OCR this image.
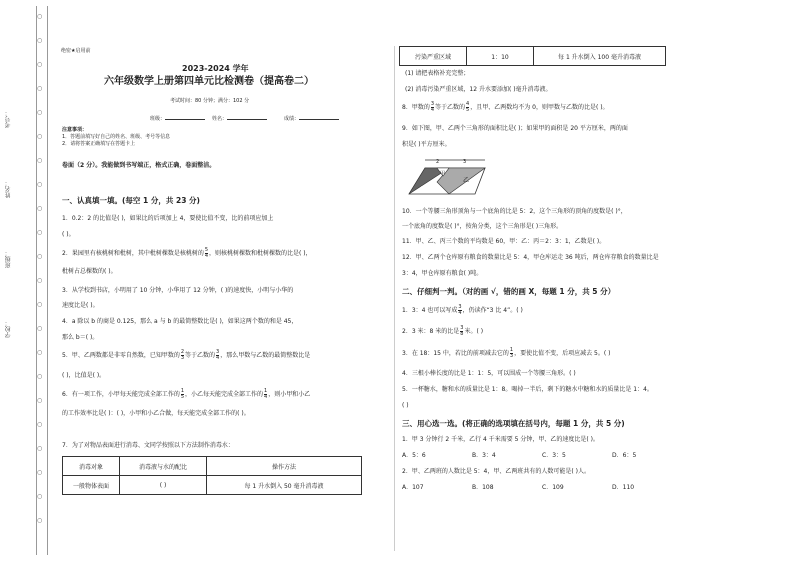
○
○
○
○
○
○
○
○
○
○
○
○
○
○
○
○
○
○
○
○
○
○
学校：
班级：
姓名：
考号：
绝密★启用前
2023-2024 学年
六年级数学上册第四单元比检测卷（提高卷二）
考试时间：80 分钟；满分：102 分
班级：	姓名：	成绩：
注意事项：
1．答题前填写好自己的姓名、班级、考号等信息
2．请将答案正确填写在答题卡上
卷面（2 分）。我能做到书写端正，格式正确，卷面整洁。
一、认真填一填。(每空 1 分，共 23 分)
1．0.2：2 的比值是( )，如果比的后项加上 4，要使比值不变，比的前项应加上
( )。
2．果园里有核桃树和枇树，其中枇树棵数是核桃树的 $\frac{5}{4}$ ，则核桃树棵数和枇树棵数的比是( )，
枇树占总棵数的( )。
3．从学校到书店，小明用了 10 分钟，小华用了 12 分钟，( )的速度快，小明与小华的
速度比是( )。
4．a 除以 b 的商是 0.125，那么 a 与 b 的最简整数比是( )，如果这两个数的和是 45，
那么 b＝( )。
5．甲、乙两数都是非零自然数，已知甲数的 $\frac{2}{3}$ 等于乙数的 $\frac{3}{4}$ ，那么甲数与乙数的最简整数比是
( )，比值是( )。
6．有一项工作，小甲每天能完成全部工作的 $\frac{1}{5}$ ，小乙每天能完成全部工作的 $\frac{1}{4}$ ，则小甲和小乙
的工作效率比是( )：( )，小甲和小乙合做，每天能完成全部工作的( )。
7．为了对物品表面进行消毒、文同学按照以下方法制作消毒水：
消毒对象	消毒液与水的配比	操作方法
一般物体表面	( )	每 1 升水倒入 50 毫升消毒液
污染严重区域	1：10	每 1 升水倒入 100 毫升消毒液
(1) 请把表格补充完整；
(2) 消毒污染严重区域，12 升水要添加( )毫升消毒液。
8．甲数的 $\frac{3}{4}$ 等于乙数的 $\frac{4}{5}$ ，且甲、乙两数均不为 0，则甲数与乙数的比是( )。
9．如下图，甲、乙两个三角形的面积比是( )；如果甲的面积是 20 平方厘米，两的面
积是( )平方厘米。
2	3
甲
乙
丙
10．一个等腰三角形顶角与一个底角的比是 5：2，这个三角形的顶角的度数是( )°，
一个底角的度数是( )°，按角分类，这个三角形是( )三角形。
11．甲、乙、丙三个数的平均数是 60，甲：乙：丙＝2：3：1，乙数是( )。
12．甲、乙两个仓库原有粮食的数量比是 5：4，甲仓库运走 36 吨后，两仓库存粮食的数量比是
3：4，甲仓库原有粮食( )吨。
二、仔细判一判。（对的画 √，错的画 X，每题 1 分，共 5 分）
1．3：4 也可以写成 $\frac{3}{4}$ ，仍读作“3 比 4”。( )
2．3 米：8 米的比是 $\frac{3}{8}$ 米。( )
3．在 18：15 中，若比的前项减去它的 $\frac{1}{3}$ ，要使比值不变，后项应减去 5。( )
4．三根小棒长度的比是 1：1：5，可以围成一个等腰三角形。( )
5．一杯糖水，糖和水的质量比是 1：8。喝掉一半后，剩下的糖水中糖和水的质量比是 1：4。
( )
三、用心选一选。(将正确的选项填在括号内，每题 1 分，共 5 分)
1．甲 3 分钟行 2 千米，乙行 4 千米需要 5 分钟，甲、乙的速度比是( )。
A．5：6	B．3：4	C．3：5	D．6：5
2．甲、乙两班的人数比是 5：4，甲、乙两班共有的人数可能是( )人。
A．107	B．108	C．109	D．110
